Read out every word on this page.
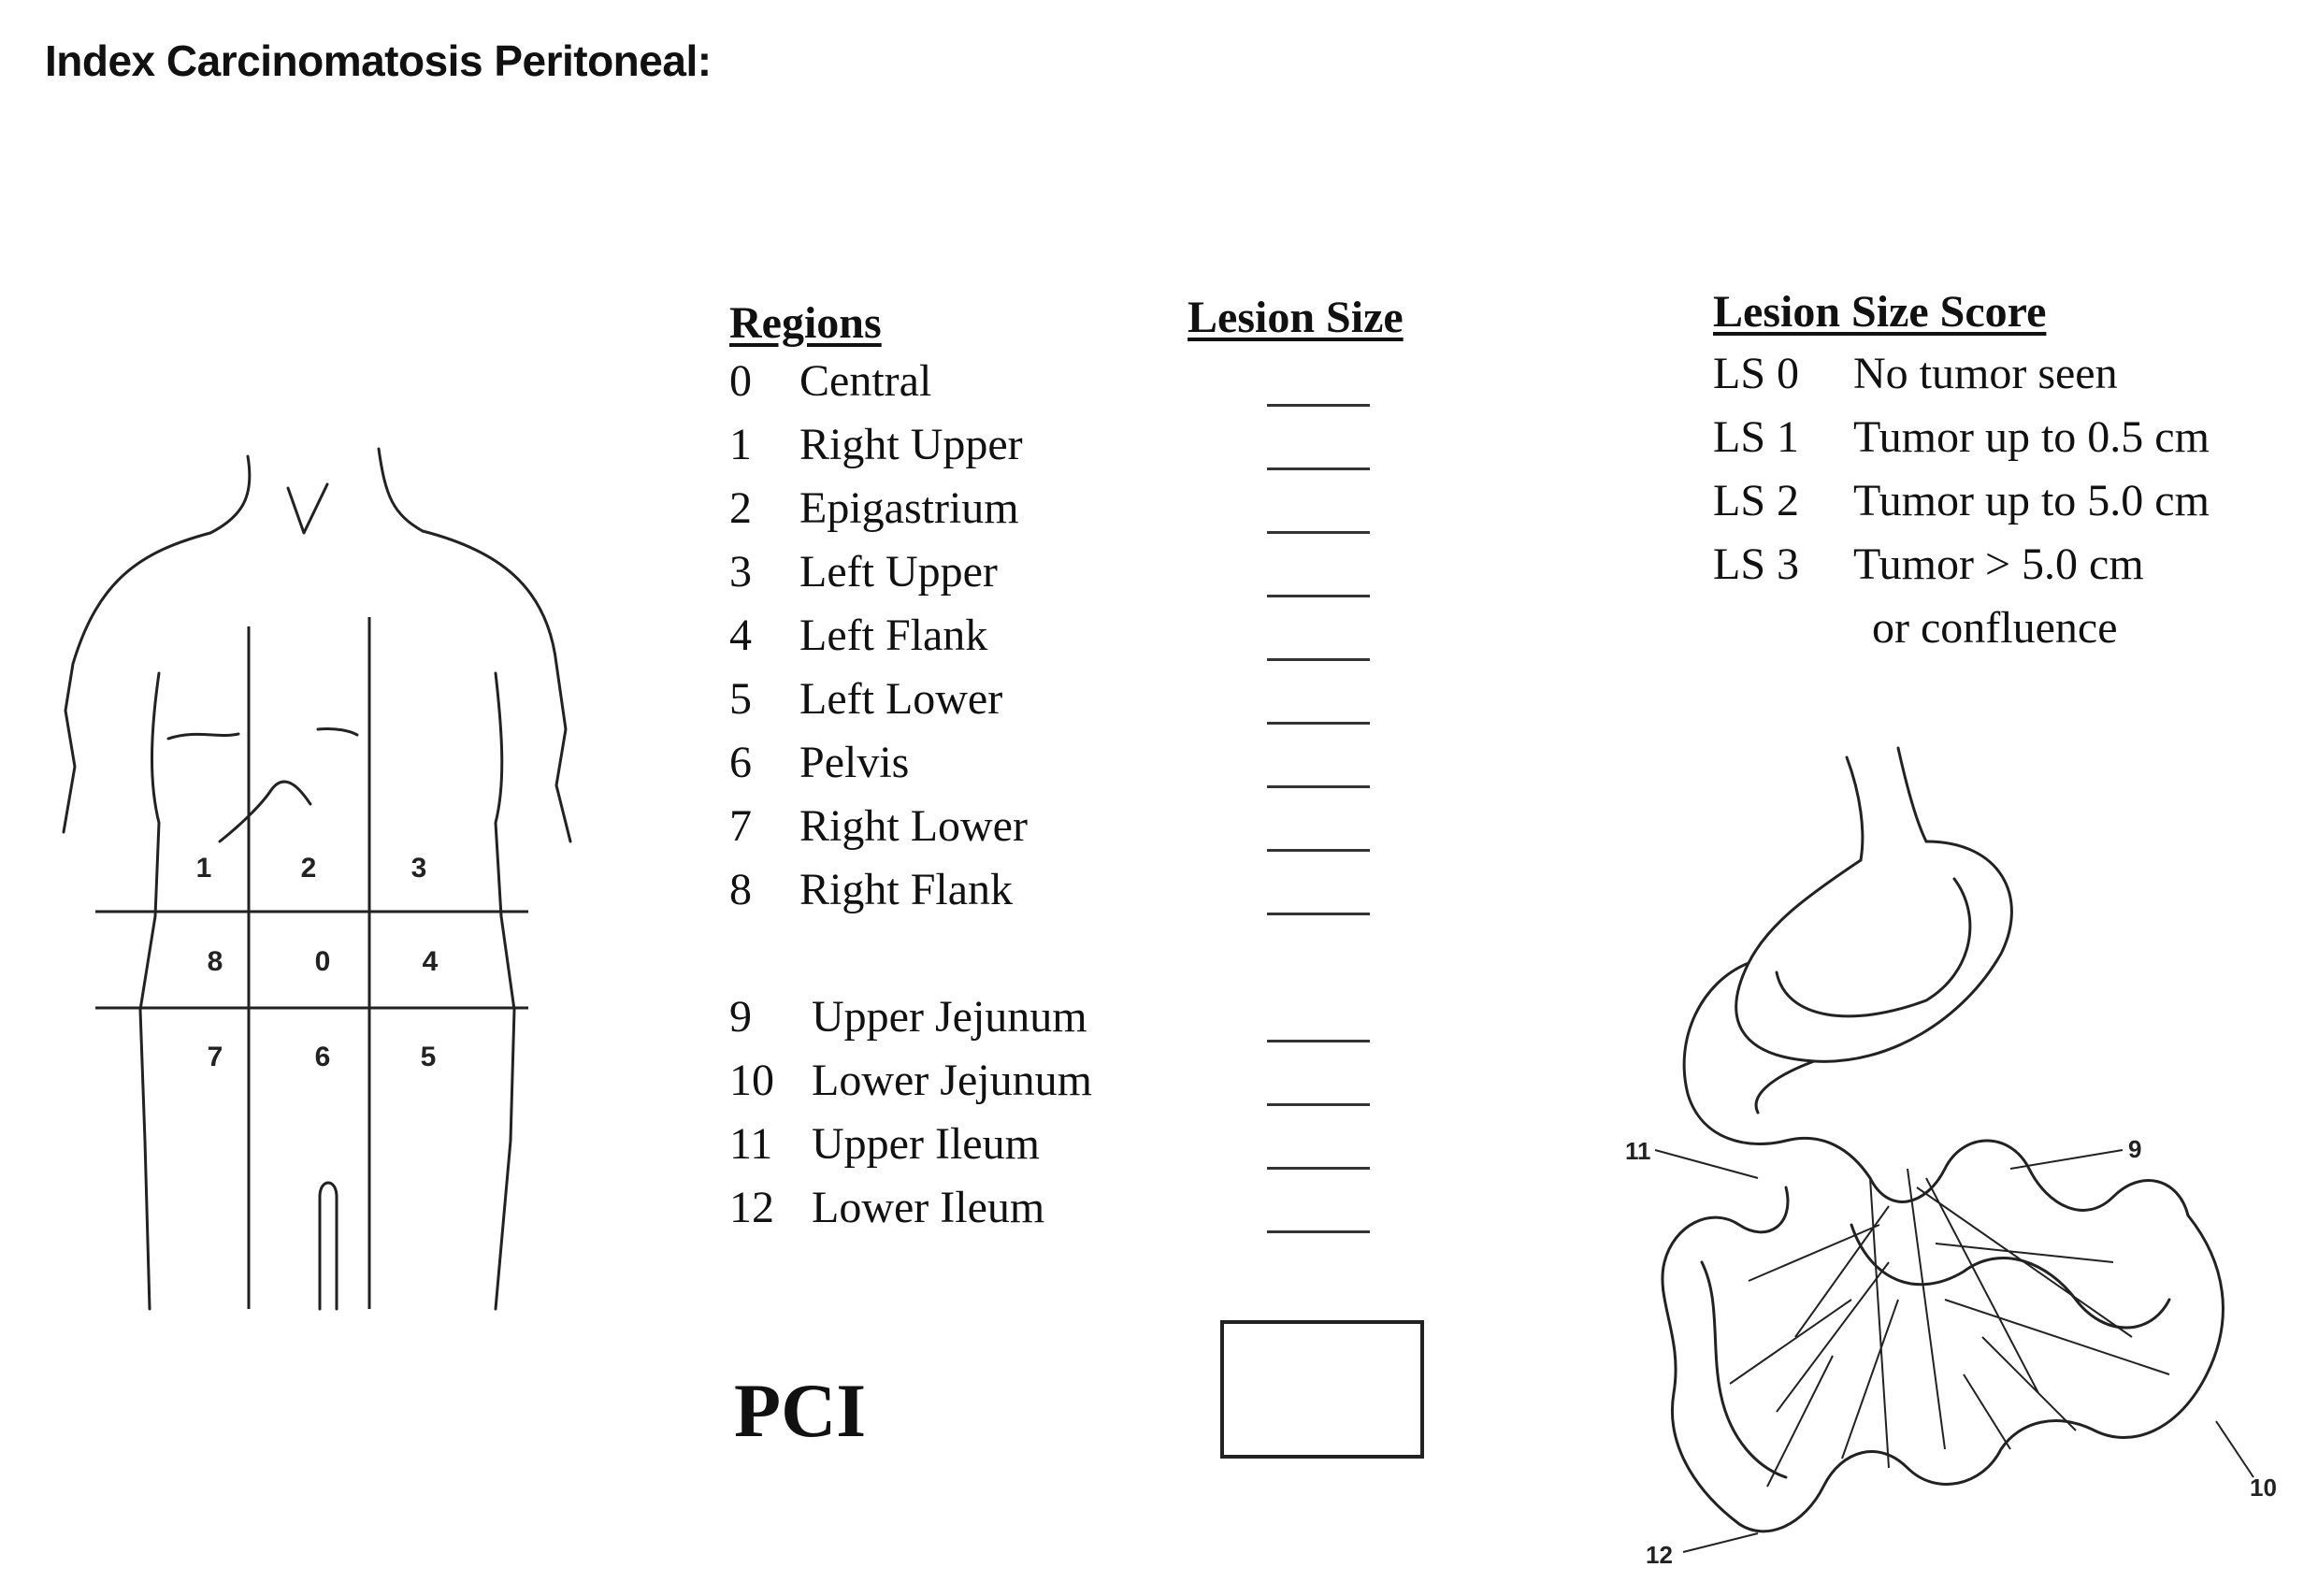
Index Carcinomatosis Peritoneal:
1	2	3
8	0	4
7	6	5
Regions	Lesion Size	Lesion Size Score
0 Central
1 Right Upper
2 Epigastrium
3 Left Upper
4 Left Flank
5 Left Lower
6 Pelvis
7 Right Lower
8 Right Flank
9 Upper Jejunum
10 Lower Jejunum
11 Upper Ileum
12 Lower Ileum
LS 0 No tumor seen
LS 1 Tumor up to 0.5 cm
LS 2 Tumor up to 5.0 cm
LS 3 Tumor > 5.0 cm
or confluence
PCI
11	9
12
10
